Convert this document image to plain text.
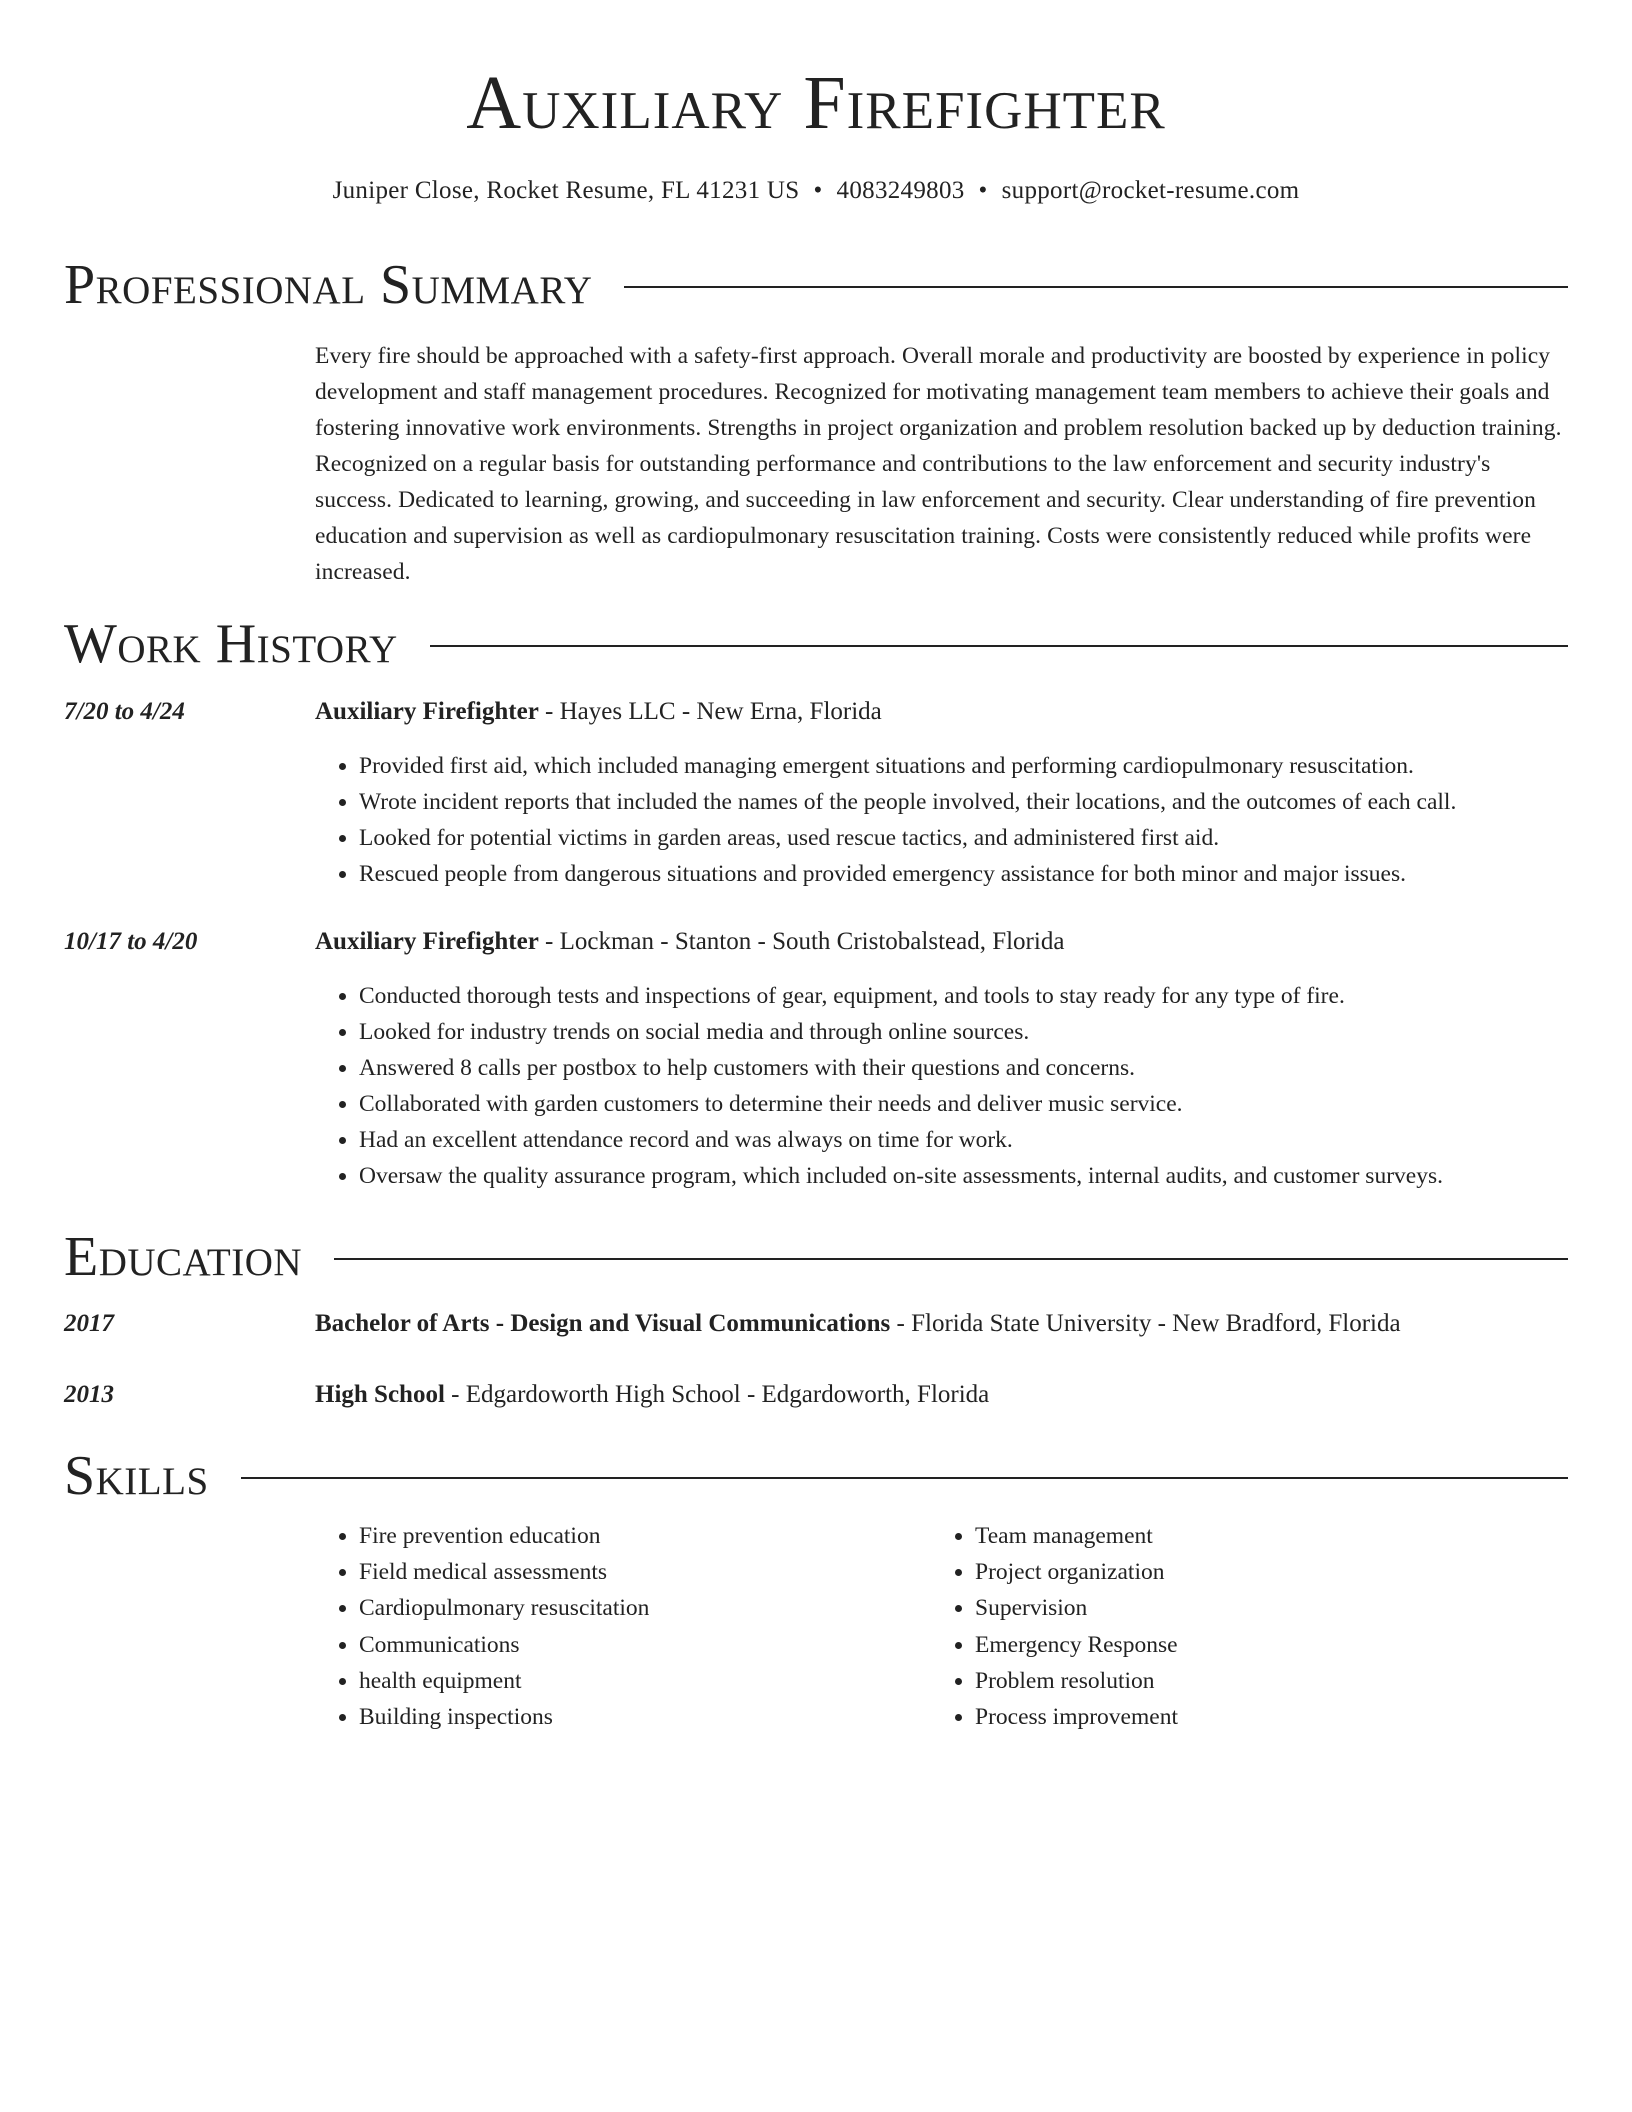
Auxiliary Firefighter
Juniper Close, Rocket Resume, FL 41231 US • 4083249803 • support@rocket-resume.com
Professional Summary
Every fire should be approached with a safety-first approach. Overall morale and productivity are boosted by experience in policy development and staff management procedures. Recognized for motivating management team members to achieve their goals and fostering innovative work environments. Strengths in project organization and problem resolution backed up by deduction training. Recognized on a regular basis for outstanding performance and contributions to the law enforcement and security industry's success. Dedicated to learning, growing, and succeeding in law enforcement and security. Clear understanding of fire prevention education and supervision as well as cardiopulmonary resuscitation training. Costs were consistently reduced while profits were increased.
Work History
7/20 to 4/24	Auxiliary Firefighter - Hayes LLC - New Erna, Florida
• Provided first aid, which included managing emergent situations and performing cardiopulmonary resuscitation.
• Wrote incident reports that included the names of the people involved, their locations, and the outcomes of each call.
• Looked for potential victims in garden areas, used rescue tactics, and administered first aid.
• Rescued people from dangerous situations and provided emergency assistance for both minor and major issues.
10/17 to 4/20	Auxiliary Firefighter - Lockman - Stanton - South Cristobalstead, Florida
• Conducted thorough tests and inspections of gear, equipment, and tools to stay ready for any type of fire.
• Looked for industry trends on social media and through online sources.
• Answered 8 calls per postbox to help customers with their questions and concerns.
• Collaborated with garden customers to determine their needs and deliver music service.
• Had an excellent attendance record and was always on time for work.
• Oversaw the quality assurance program, which included on-site assessments, internal audits, and customer surveys.
Education
2017	Bachelor of Arts - Design and Visual Communications - Florida State University - New Bradford, Florida
2013	High School - Edgardoworth High School - Edgardoworth, Florida
Skills
• Fire prevention education
• Field medical assessments
• Cardiopulmonary resuscitation
• Communications
• health equipment
• Building inspections
• Team management
• Project organization
• Supervision
• Emergency Response
• Problem resolution
• Process improvement
